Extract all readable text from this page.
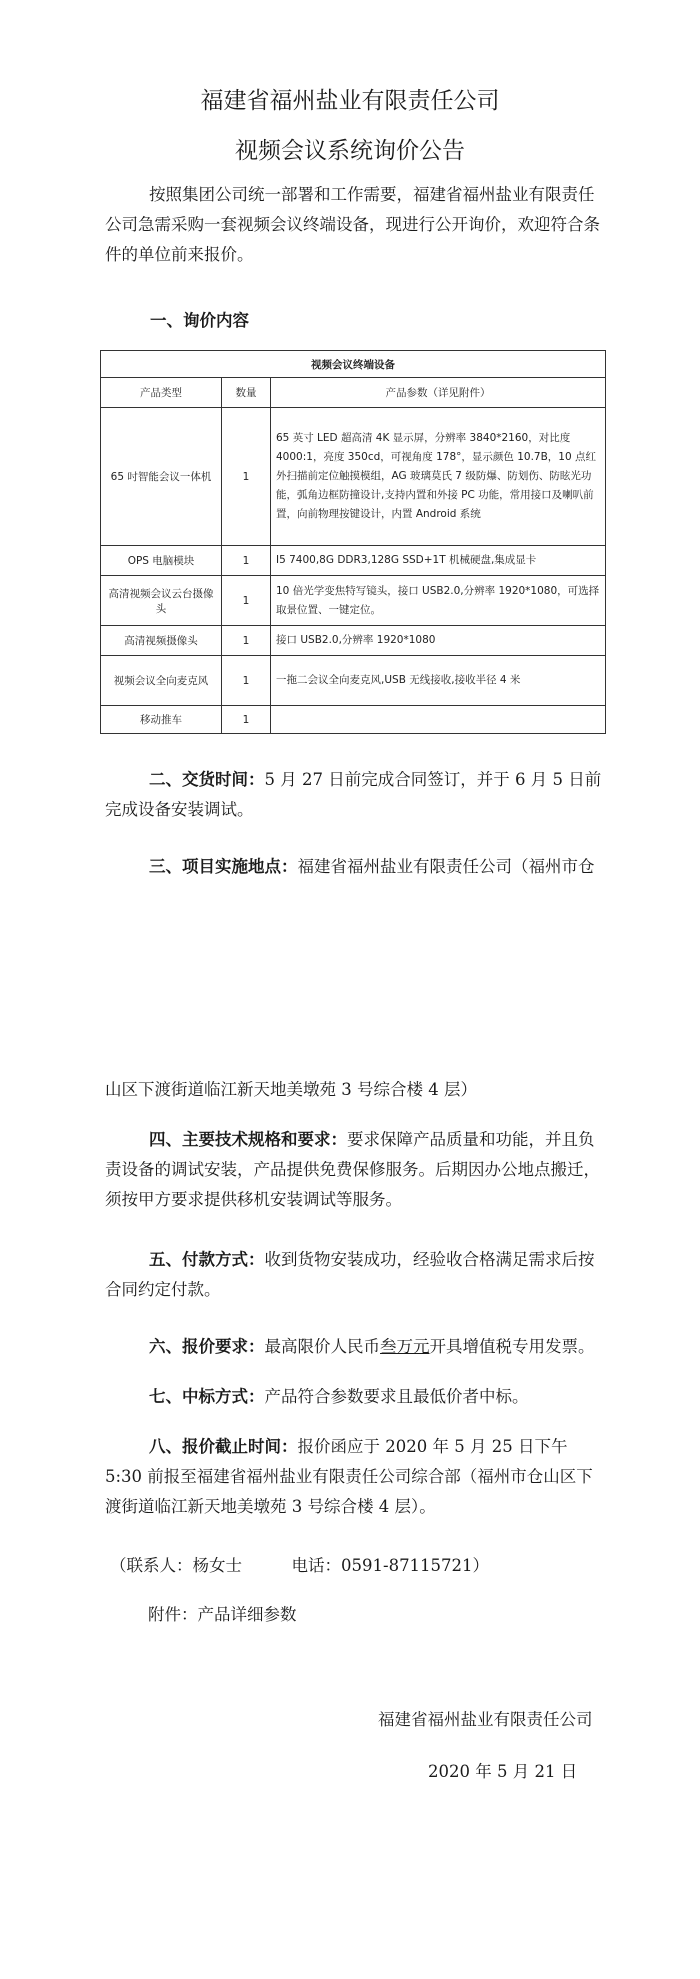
福建省福州盐业有限责任公司
视频会议系统询价公告
按照集团公司统一部署和工作需要，福建省福州盐业有限责任公司急需采购一套视频会议终端设备，现进行公开询价，欢迎符合条件的单位前来报价。
一、询价内容
视频会议终端设备		
产品类型	数量	产品参数（详见附件）
65 吋智能会议一体机	1	65 英寸 LED 超高清 4K 显示屏，分辨率 3840*2160，对比度 4000:1，亮度 350cd，可视角度 178°，显示颜色 10.7B，10 点红外扫描前定位触摸模组，AG 玻璃莫氏 7 级防爆、防划伤、防眩光功能，弧角边框防撞设计,支持内置和外接 PC 功能，常用接口及喇叭前置，向前物理按键设计，内置 Android 系统
OPS 电脑模块	1	I5 7400,8G DDR3,128G SSD+1T 机械硬盘,集成显卡
高清视频会议云台摄像头	1	10 倍光学变焦特写镜头，接口 USB2.0,分辨率 1920*1080，可选择取景位置、一键定位。
高清视频摄像头	1	接口 USB2.0,分辨率 1920*1080
视频会议全向麦克风	1	一拖二会议全向麦克风,USB 无线接收,接收半径 4 米
移动推车	1	
二、交货时间：5 月 27 日前完成合同签订，并于 6 月 5 日前完成设备安装调试。
三、项目实施地点：福建省福州盐业有限责任公司（福州市仓
山区下渡街道临江新天地美墩苑 3 号综合楼 4 层）
四、主要技术规格和要求：要求保障产品质量和功能，并且负责设备的调试安装，产品提供免费保修服务。后期因办公地点搬迁，须按甲方要求提供移机安装调试等服务。
五、付款方式：收到货物安装成功，经验收合格满足需求后按合同约定付款。
六、报价要求：最高限价人民币叁万元开具增值税专用发票。
七、中标方式：产品符合参数要求且最低价者中标。
八、报价截止时间：报价函应于 2020 年 5 月 25 日下午 5:30 前报至福建省福州盐业有限责任公司综合部（福州市仓山区下渡街道临江新天地美墩苑 3 号综合楼 4 层）。
（联系人：杨女士　　　电话：0591-87115721）
附件：产品详细参数
福建省福州盐业有限责任公司
2020 年 5 月 21 日
